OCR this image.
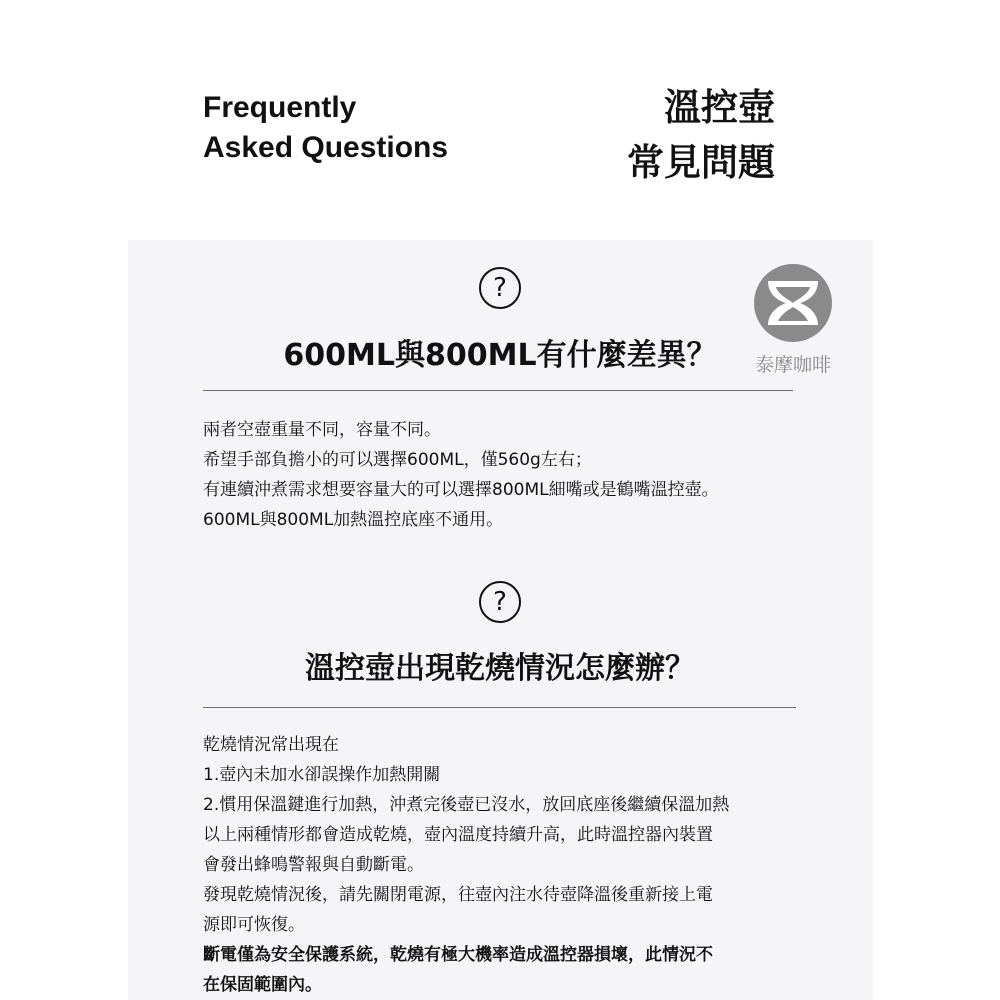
Frequently
Asked Questions
溫控壺
常見問題
泰摩咖啡
?
600ML與800ML有什麼差異？
兩者空壺重量不同，容量不同。
希望手部負擔小的可以選擇600ML，僅560g左右；
有連續沖煮需求想要容量大的可以選擇800ML細嘴或是鶴嘴溫控壺。
600ML與800ML加熱溫控底座不通用。
?
溫控壺出現乾燒情況怎麼辦？
乾燒情況常出現在
1.壺內未加水卻誤操作加熱開關
2.慣用保溫鍵進行加熱，沖煮完後壺已沒水，放回底座後繼續保溫加熱
以上兩種情形都會造成乾燒，壺內溫度持續升高，此時溫控器內裝置
會發出蜂鳴警報與自動斷電。
發現乾燒情況後，請先關閉電源，往壺內注水待壺降溫後重新接上電
源即可恢復。
斷電僅為安全保護系統，乾燒有極大機率造成溫控器損壞，此情況不
在保固範圍內。
